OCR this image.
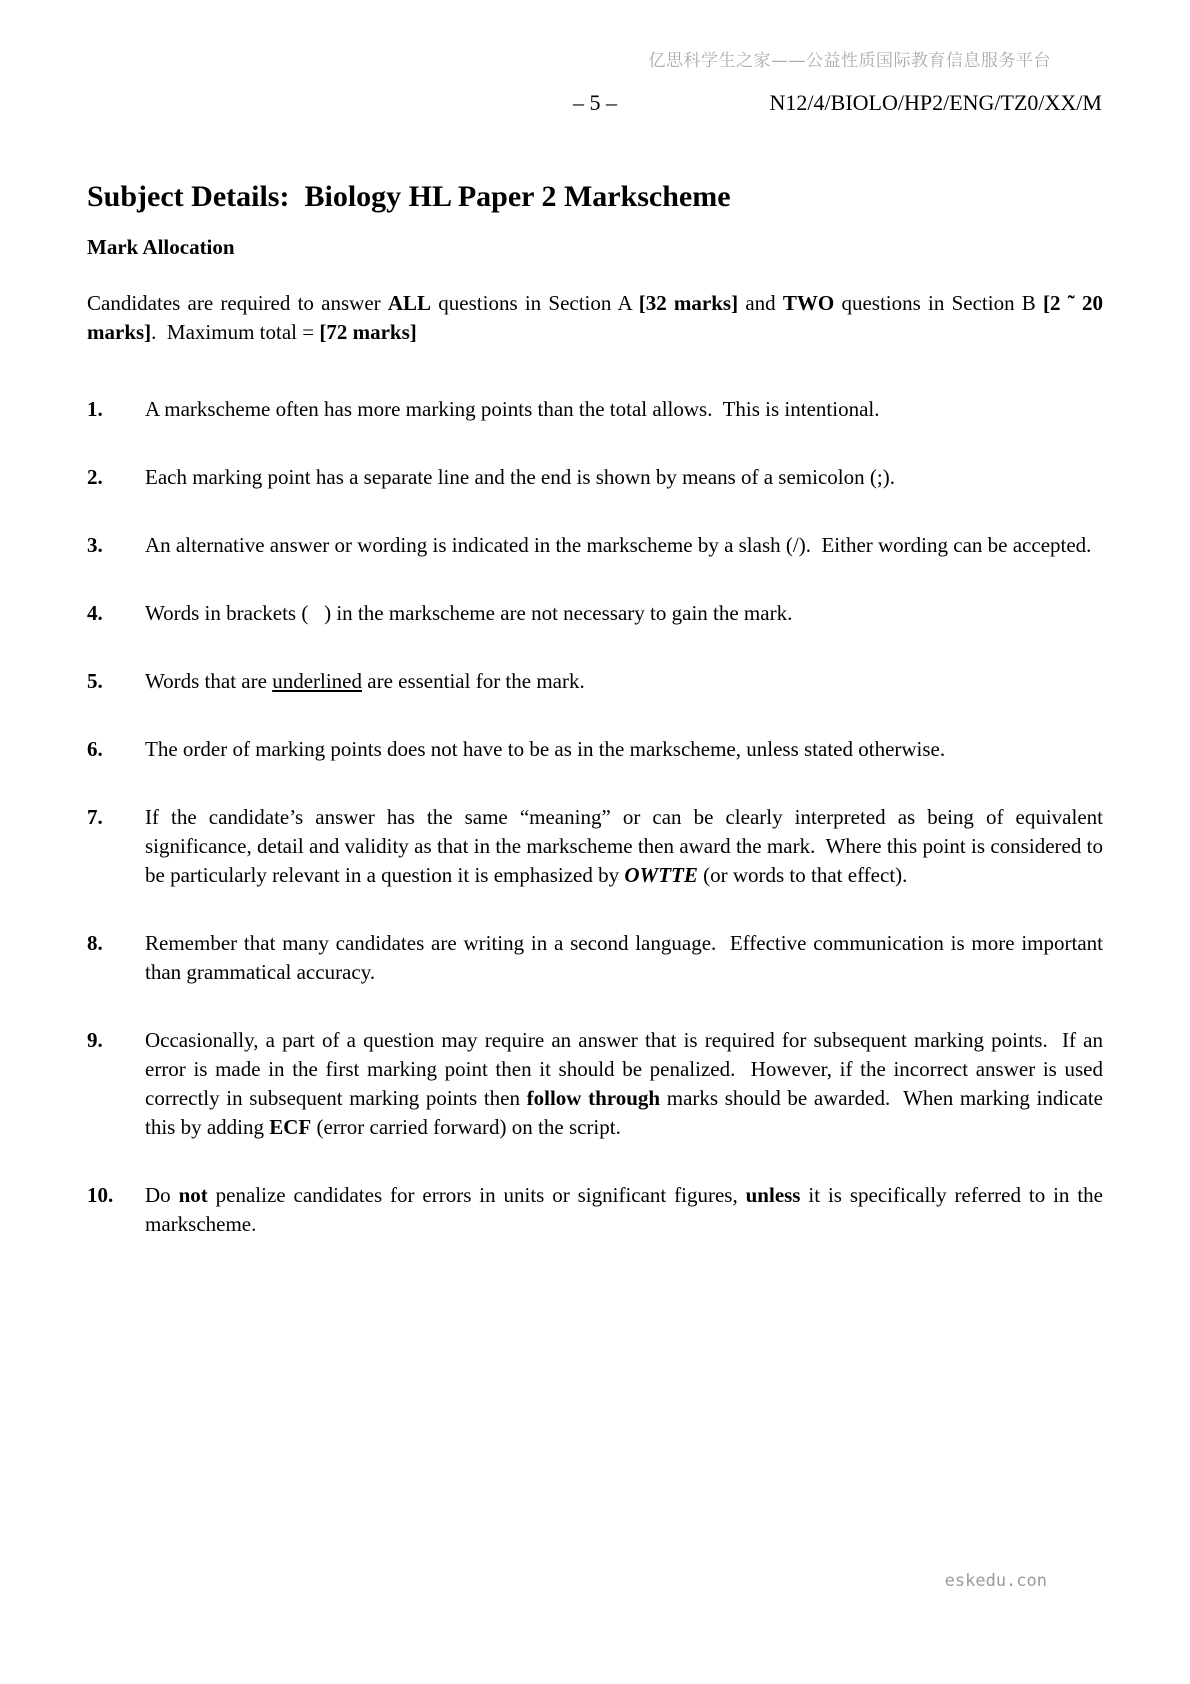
亿思科学生之家——公益性质国际教育信息服务平台
– 5 –	N12/4/BIOLO/HP2/ENG/TZ0/XX/M
Subject Details:  Biology HL Paper 2 Markscheme
Mark Allocation

Candidates are required to answer ALL questions in Section A [32 marks] and TWO questions in Section B [2 ˜ 20 marks].  Maximum total = [72 marks]

1.	A markscheme often has more marking points than the total allows.  This is intentional.
2.	Each marking point has a separate line and the end is shown by means of a semicolon (;).
3.	An alternative answer or wording is indicated in the markscheme by a slash (/).  Either wording can be accepted.
4.	Words in brackets (   ) in the markscheme are not necessary to gain the mark.
5.	Words that are underlined are essential for the mark.
6.	The order of marking points does not have to be as in the markscheme, unless stated otherwise.
7.	If the candidate’s answer has the same “meaning” or can be clearly interpreted as being of equivalent significance, detail and validity as that in the markscheme then award the mark.  Where this point is considered to be particularly relevant in a question it is emphasized by OWTTE (or words to that effect).
8.	Remember that many candidates are writing in a second language.  Effective communication is more important than grammatical accuracy.
9.	Occasionally, a part of a question may require an answer that is required for subsequent marking points.  If an error is made in the first marking point then it should be penalized.  However, if the incorrect answer is used correctly in subsequent marking points then follow through marks should be awarded.  When marking indicate this by adding ECF (error carried forward) on the script.
10.	Do not penalize candidates for errors in units or significant figures, unless it is specifically referred to in the markscheme.
eskedu.con
